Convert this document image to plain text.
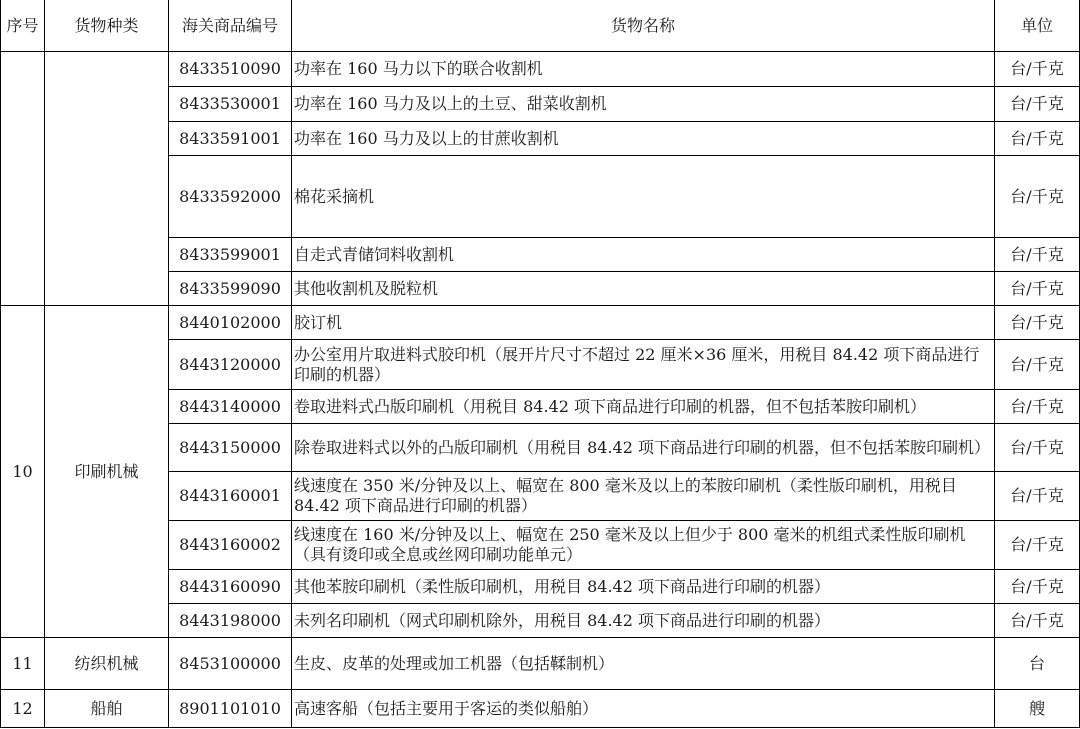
序号	货物种类	海关商品编号	货物名称	单位
		8433510090	功率在 160 马力以下的联合收割机	台/千克
		8433530001	功率在 160 马力及以上的土豆、甜菜收割机	台/千克
		8433591001	功率在 160 马力及以上的甘蔗收割机	台/千克
		8433592000	棉花采摘机	台/千克
		8433599001	自走式青储饲料收割机	台/千克
		8433599090	其他收割机及脱粒机	台/千克
10	印刷机械	8440102000	胶订机	台/千克
		8443120000	办公室用片取进料式胶印机（展开片尺寸不超过 22 厘米×36 厘米，用税目 84.42 项下商品进行印刷的机器）	台/千克
		8443140000	卷取进料式凸版印刷机（用税目 84.42 项下商品进行印刷的机器，但不包括苯胺印刷机）	台/千克
		8443150000	除卷取进料式以外的凸版印刷机（用税目 84.42 项下商品进行印刷的机器，但不包括苯胺印刷机）	台/千克
		8443160001	线速度在 350 米/分钟及以上、幅宽在 800 毫米及以上的苯胺印刷机（柔性版印刷机，用税目 84.42 项下商品进行印刷的机器）	台/千克
		8443160002	线速度在 160 米/分钟及以上、幅宽在 250 毫米及以上但少于 800 毫米的机组式柔性版印刷机（具有烫印或全息或丝网印刷功能单元）	台/千克
		8443160090	其他苯胺印刷机（柔性版印刷机，用税目 84.42 项下商品进行印刷的机器）	台/千克
		8443198000	未列名印刷机（网式印刷机除外，用税目 84.42 项下商品进行印刷的机器）	台/千克
11	纺织机械	8453100000	生皮、皮革的处理或加工机器（包括鞣制机）	台
12	船舶	8901101010	高速客船（包括主要用于客运的类似船舶）	艘
